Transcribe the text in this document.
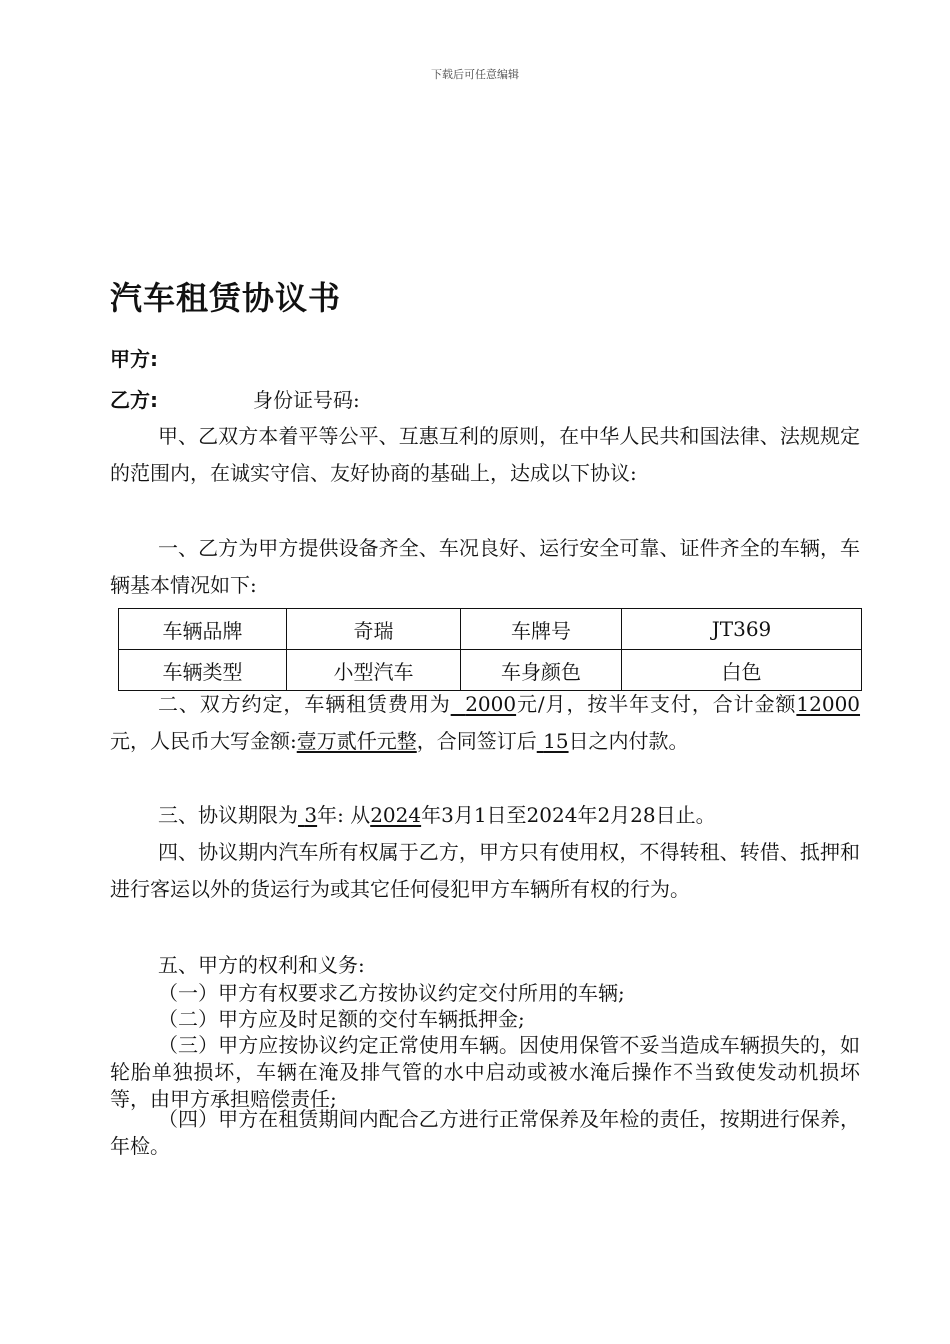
下载后可任意编辑
汽车租赁协议书
甲方:
乙方:	身份证号码:
甲、乙双方本着平等公平、互惠互利的原则，在中华人民共和国法律、法规规定的范围内，在诚实守信、友好协商的基础上，达成以下协议:
一、乙方为甲方提供设备齐全、车况良好、运行安全可靠、证件齐全的车辆，车辆基本情况如下:
车辆品牌	奇瑞	车牌号	JT369
车辆类型	小型汽车	车身颜色	白色
二、双方约定，车辆租赁费用为 2000元/月，按半年支付，合计金额12000元，人民币大写金额:壹万贰仟元整，合同签订后 15日之内付款。
三、协议期限为 3年: 从2024年3月1日至2024年2月28日止。
四、协议期内汽车所有权属于乙方，甲方只有使用权，不得转租、转借、抵押和进行客运以外的货运行为或其它任何侵犯甲方车辆所有权的行为。
五、甲方的权利和义务:
（一）甲方有权要求乙方按协议约定交付所用的车辆;
（二）甲方应及时足额的交付车辆抵押金;
（三）甲方应按协议约定正常使用车辆。因使用保管不妥当造成车辆损失的，如轮胎单独损坏，车辆在淹及排气管的水中启动或被水淹后操作不当致使发动机损坏等，由甲方承担赔偿责任;
（四）甲方在租赁期间内配合乙方进行正常保养及年检的责任，按期进行保养，年检。
